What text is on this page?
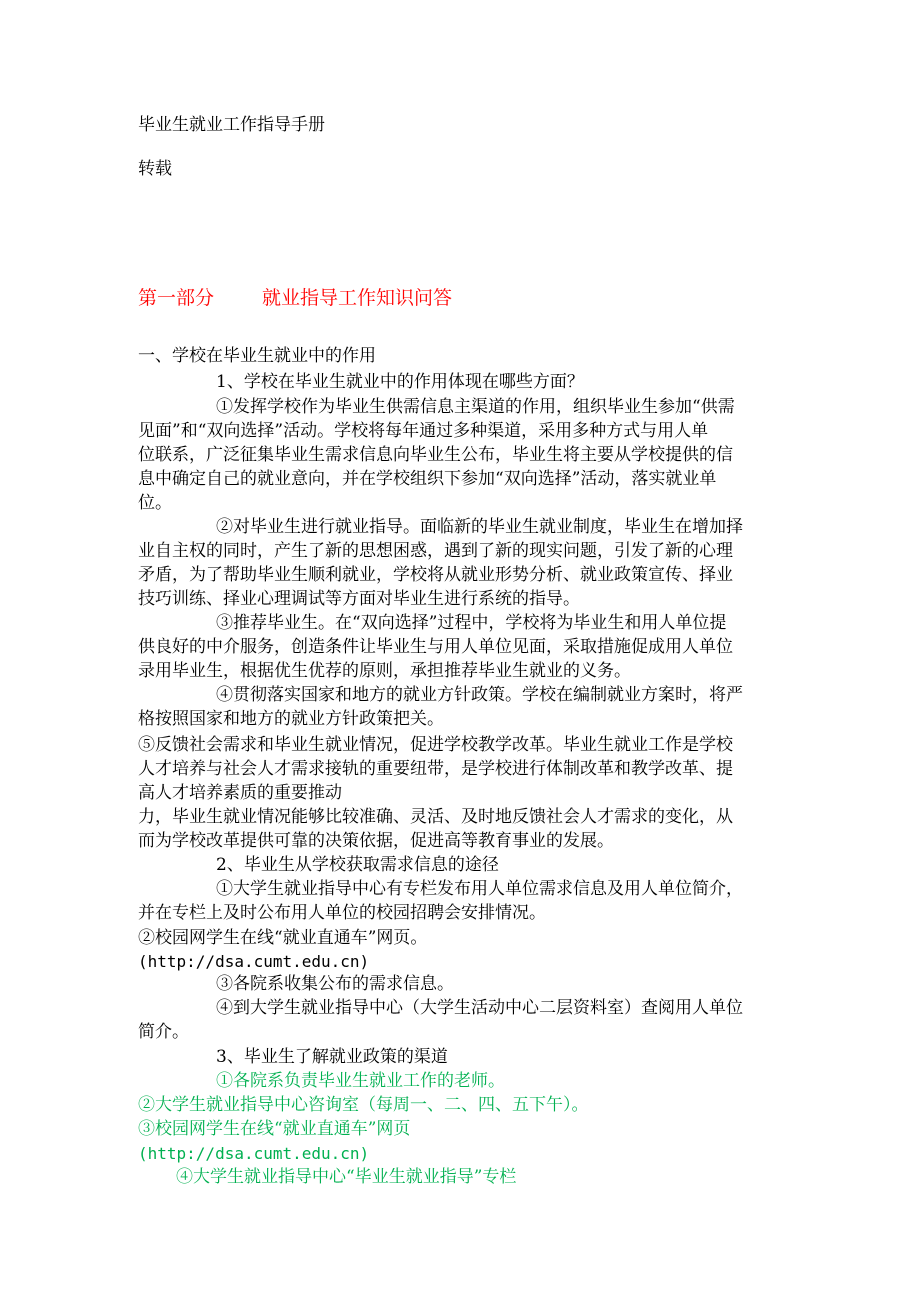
毕业生就业工作指导手册
转载
第一部分	就业指导工作知识问答
一、学校在毕业生就业中的作用
1、学校在毕业生就业中的作用体现在哪些方面？
①发挥学校作为毕业生供需信息主渠道的作用，组织毕业生参加“供需
见面”和“双向选择”活动。学校将每年通过多种渠道，采用多种方式与用人单
位联系，广泛征集毕业生需求信息向毕业生公布，毕业生将主要从学校提供的信
息中确定自己的就业意向，并在学校组织下参加“双向选择”活动，落实就业单
位。
②对毕业生进行就业指导。面临新的毕业生就业制度，毕业生在增加择
业自主权的同时，产生了新的思想困惑，遇到了新的现实问题，引发了新的心理
矛盾，为了帮助毕业生顺利就业，学校将从就业形势分析、就业政策宣传、择业
技巧训练、择业心理调试等方面对毕业生进行系统的指导。
③推荐毕业生。在“双向选择”过程中，学校将为毕业生和用人单位提
供良好的中介服务，创造条件让毕业生与用人单位见面，采取措施促成用人单位
录用毕业生，根据优生优荐的原则，承担推荐毕业生就业的义务。
④贯彻落实国家和地方的就业方针政策。学校在编制就业方案时，将严
格按照国家和地方的就业方针政策把关。
⑤反馈社会需求和毕业生就业情况，促进学校教学改革。毕业生就业工作是学校
人才培养与社会人才需求接轨的重要纽带，是学校进行体制改革和教学改革、提
高人才培养素质的重要推动
力，毕业生就业情况能够比较准确、灵活、及时地反馈社会人才需求的变化，从
而为学校改革提供可靠的决策依据，促进高等教育事业的发展。
2、毕业生从学校获取需求信息的途径
①大学生就业指导中心有专栏发布用人单位需求信息及用人单位简介，
并在专栏上及时公布用人单位的校园招聘会安排情况。
②校园网学生在线“就业直通车”网页。
(http://dsa.cumt.edu.cn)
③各院系收集公布的需求信息。
④到大学生就业指导中心（大学生活动中心二层资料室）查阅用人单位
简介。
3、毕业生了解就业政策的渠道
①各院系负责毕业生就业工作的老师。
②大学生就业指导中心咨询室（每周一、二、四、五下午）。
③校园网学生在线“就业直通车”网页
(http://dsa.cumt.edu.cn)
④大学生就业指导中心“毕业生就业指导”专栏
